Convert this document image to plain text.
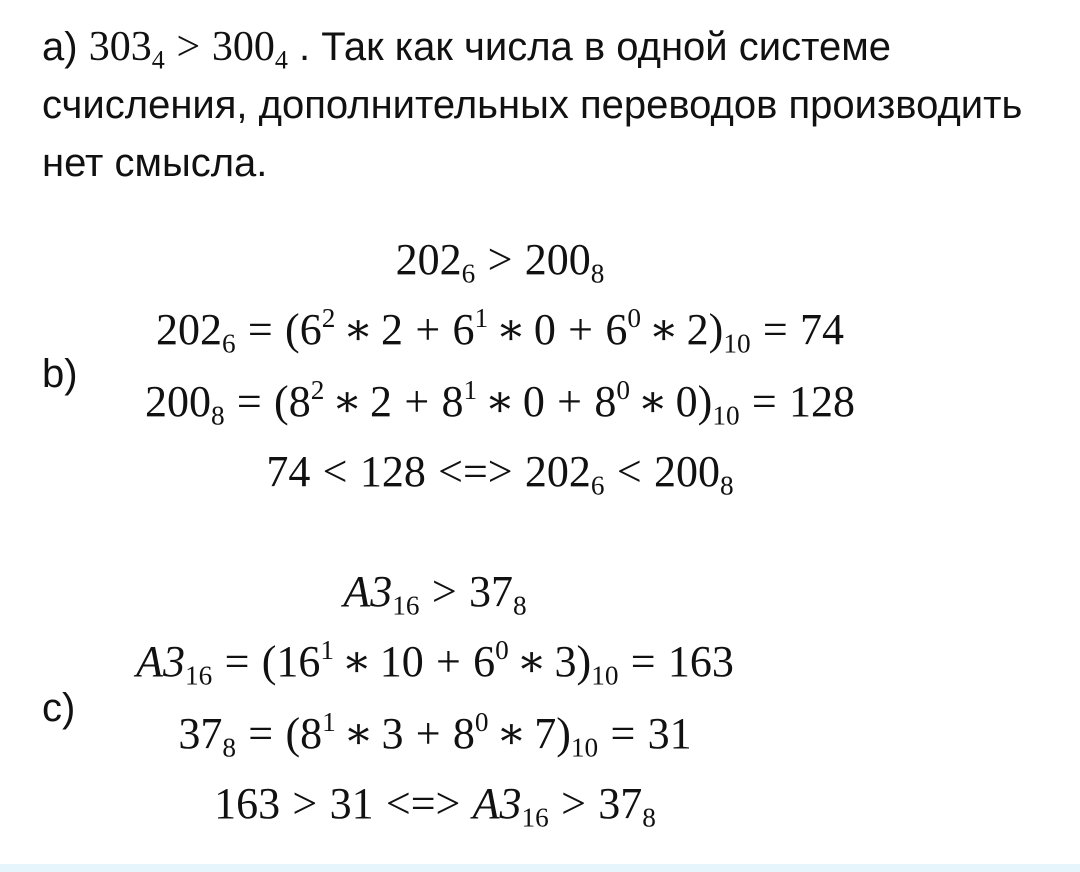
а) $303_4 > 300_4$ . Так как числа в одной системе счисления, дополнительных переводов производить нет смысла.
b)
$202_6 > 200_8$
$202_6 = (6^2$ ∗ $2 + 6^1$ ∗ $0 + 6^0$ ∗ $2)_{10} = 74$
$200_8 = (8^2$ ∗ $2 + 8^1$ ∗ $0 + 8^0$ ∗ $0)_{10} = 128$
74 < 128 <=> $202_6 < 200_8$
c)
$A3_{16} > 37_8$
$A3_{16} = (16^1$ ∗ $10 + 6^0$ ∗ $3)_{10} = 163$
$37_8 = (8^1$ ∗ $3 + 8^0$ ∗ $7)_{10} = 31$
163 > 31 <=> $A3_{16} > 37_8$
